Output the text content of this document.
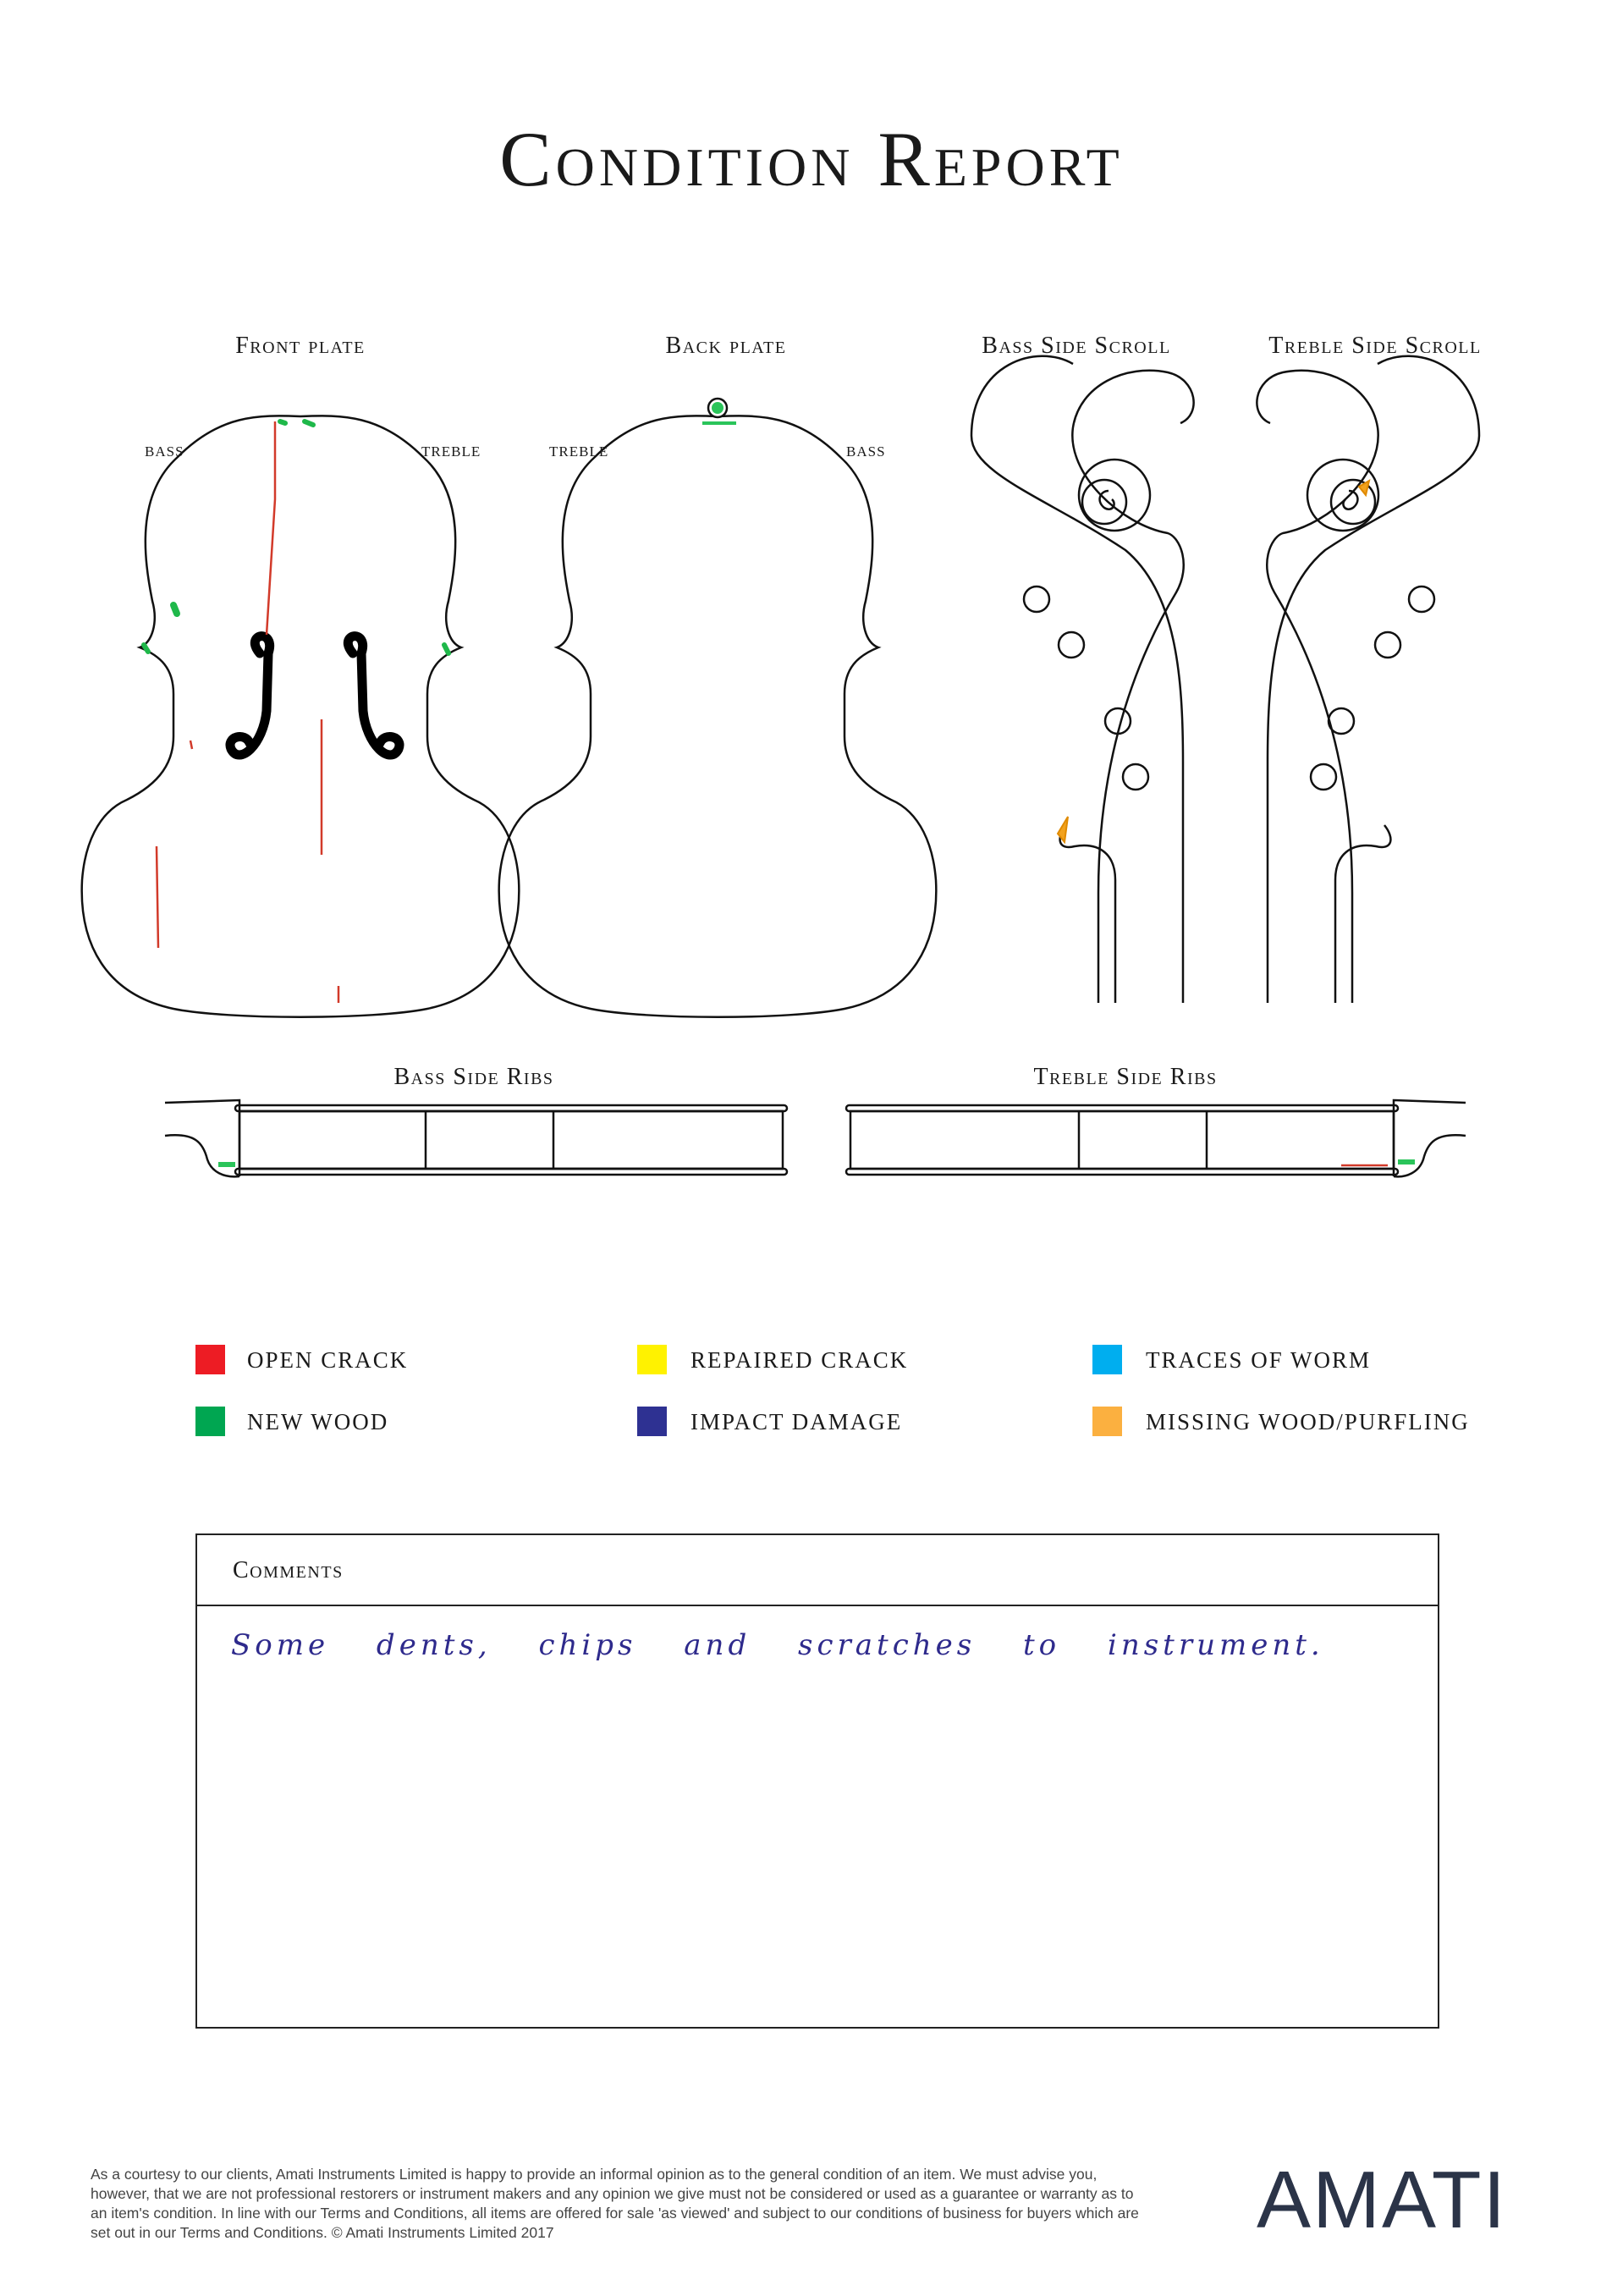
Condition Report
Front plate	Back plate	Bass Side Scroll	Treble Side Scroll
Bass Side Ribs	Treble Side Ribs
BASS	TREBLE	TREBLE	BASS
OPEN CRACK	REPAIRED CRACK	TRACES OF WORM
NEW WOOD	IMPACT DAMAGE	MISSING WOOD/PURFLING
Comments
Some dents, chips and scratches to instrument.
As a courtesy to our clients, Amati Instruments Limited is happy to provide an informal opinion as to the general condition of an item. We must advise you, however, that we are not professional restorers or instrument makers and any opinion we give must not be considered or used as a guarantee or warranty as to an item's condition. In line with our Terms and Conditions, all items are offered for sale 'as viewed' and subject to our conditions of business for buyers which are set out in our Terms and Conditions. © Amati Instruments Limited 2017	AMATI
